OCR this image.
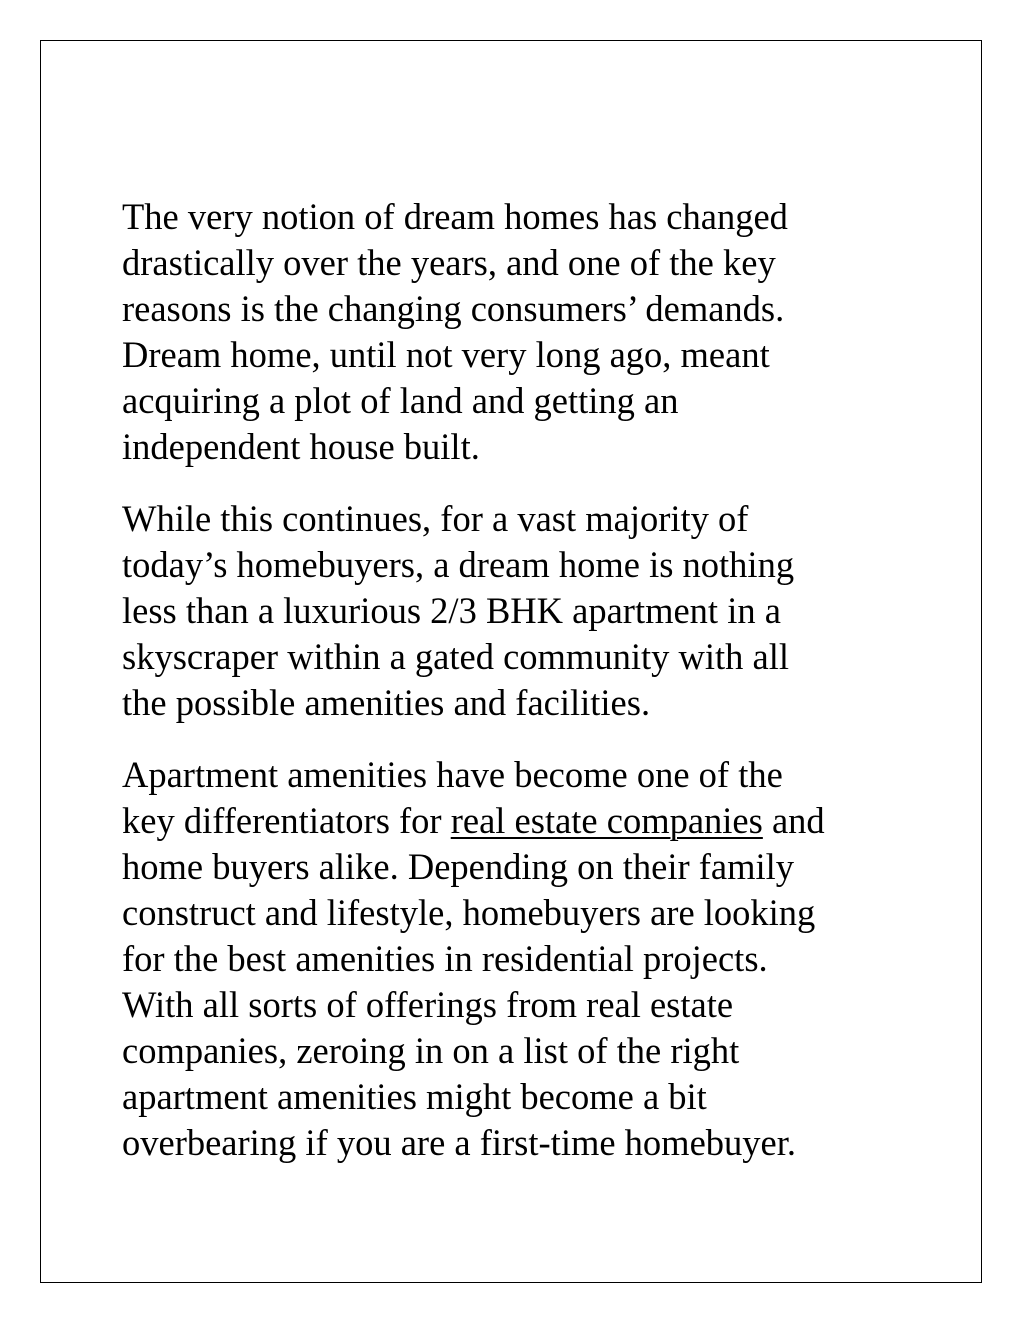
The very notion of dream homes has changed
drastically over the years, and one of the key
reasons is the changing consumers’ demands.
Dream home, until not very long ago, meant
acquiring a plot of land and getting an
independent house built.

While this continues, for a vast majority of
today’s homebuyers, a dream home is nothing
less than a luxurious 2/3 BHK apartment in a
skyscraper within a gated community with all
the possible amenities and facilities.

Apartment amenities have become one of the
key differentiators for real estate companies and
home buyers alike. Depending on their family
construct and lifestyle, homebuyers are looking
for the best amenities in residential projects.
With all sorts of offerings from real estate
companies, zeroing in on a list of the right
apartment amenities might become a bit
overbearing if you are a first-time homebuyer.
